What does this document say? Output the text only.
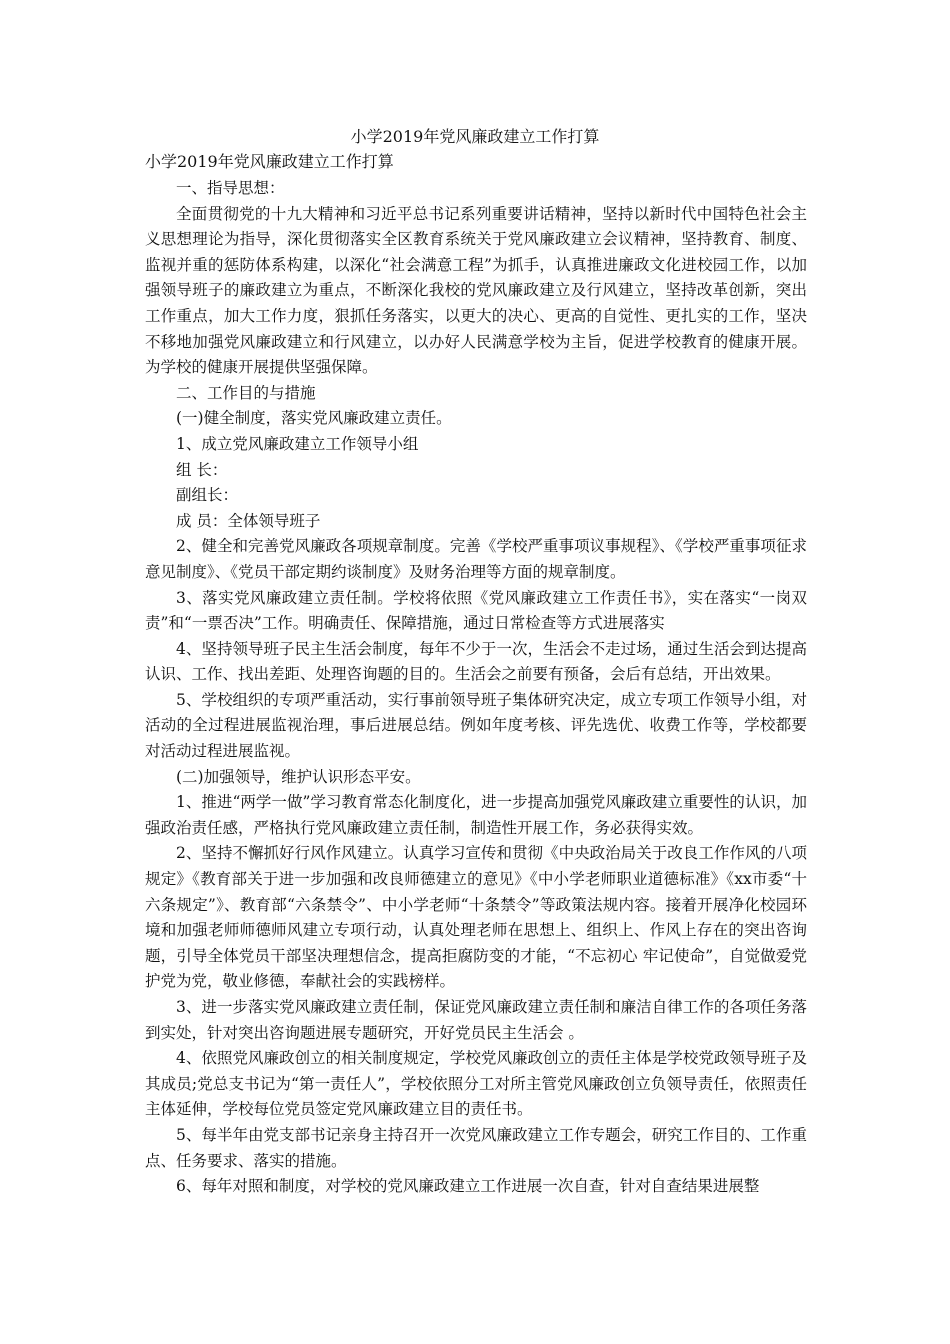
小学2019年党风廉政建立工作打算

小学2019年党风廉政建立工作打算

一、指导思想：

全面贯彻党的十九大精神和习近平总书记系列重要讲话精神，坚持以新时代中国特色社会主义思想理论为指导，深化贯彻落实全区教育系统关于党风廉政建立会议精神，坚持教育、制度、监视并重的惩防体系构建，以深化“社会满意工程”为抓手，认真推进廉政文化进校园工作，以加强领导班子的廉政建立为重点，不断深化我校的党风廉政建立及行风建立，坚持改革创新，突出工作重点，加大工作力度，狠抓任务落实，以更大的决心、更高的自觉性、更扎实的工作，坚决不移地加强党风廉政建立和行风建立，以办好人民满意学校为主旨，促进学校教育的健康开展。为学校的健康开展提供坚强保障。

二、工作目的与措施

(一)健全制度，落实党风廉政建立责任。

1、成立党风廉政建立工作领导小组

组 长：

副组长：

成 员：全体领导班子

2、健全和完善党风廉政各项规章制度。完善《学校严重事项议事规程》、《学校严重事项征求意见制度》、《党员干部定期约谈制度》及财务治理等方面的规章制度。

3、落实党风廉政建立责任制。学校将依照《党风廉政建立工作责任书》，实在落实“一岗双责”和“一票否决”工作。明确责任、保障措施，通过日常检查等方式进展落实

4、坚持领导班子民主生活会制度，每年不少于一次，生活会不走过场，通过生活会到达提高认识、工作、找出差距、处理咨询题的目的。生活会之前要有预备，会后有总结，开出效果。

5、学校组织的专项严重活动，实行事前领导班子集体研究决定，成立专项工作领导小组，对活动的全过程进展监视治理，事后进展总结。例如年度考核、评先选优、收费工作等，学校都要对活动过程进展监视。

(二)加强领导，维护认识形态平安。

1、推进“两学一做”学习教育常态化制度化，进一步提高加强党风廉政建立重要性的认识，加强政治责任感，严格执行党风廉政建立责任制，制造性开展工作，务必获得实效。

2、坚持不懈抓好行风作风建立。认真学习宣传和贯彻《中央政治局关于改良工作作风的八项规定》《教育部关于进一步加强和改良师德建立的意见》《中小学老师职业道德标准》《xx市委“十六条规定”》、教育部“六条禁令”、中小学老师“十条禁令”等政策法规内容。接着开展净化校园环境和加强老师师德师风建立专项行动，认真处理老师在思想上、组织上、作风上存在的突出咨询题，引导全体党员干部坚决理想信念，提高拒腐防变的才能，“不忘初心 牢记使命”，自觉做爱党护党为党，敬业修德，奉献社会的实践榜样。

3、进一步落实党风廉政建立责任制，保证党风廉政建立责任制和廉洁自律工作的各项任务落到实处，针对突出咨询题进展专题研究，开好党员民主生活会 。

4、依照党风廉政创立的相关制度规定，学校党风廉政创立的责任主体是学校党政领导班子及其成员;党总支书记为“第一责任人”，学校依照分工对所主管党风廉政创立负领导责任，依照责任主体延伸，学校每位党员签定党风廉政建立目的责任书。

5、每半年由党支部书记亲身主持召开一次党风廉政建立工作专题会，研究工作目的、工作重点、任务要求、落实的措施。

6、每年对照和制度，对学校的党风廉政建立工作进展一次自查，针对自查结果进展整
